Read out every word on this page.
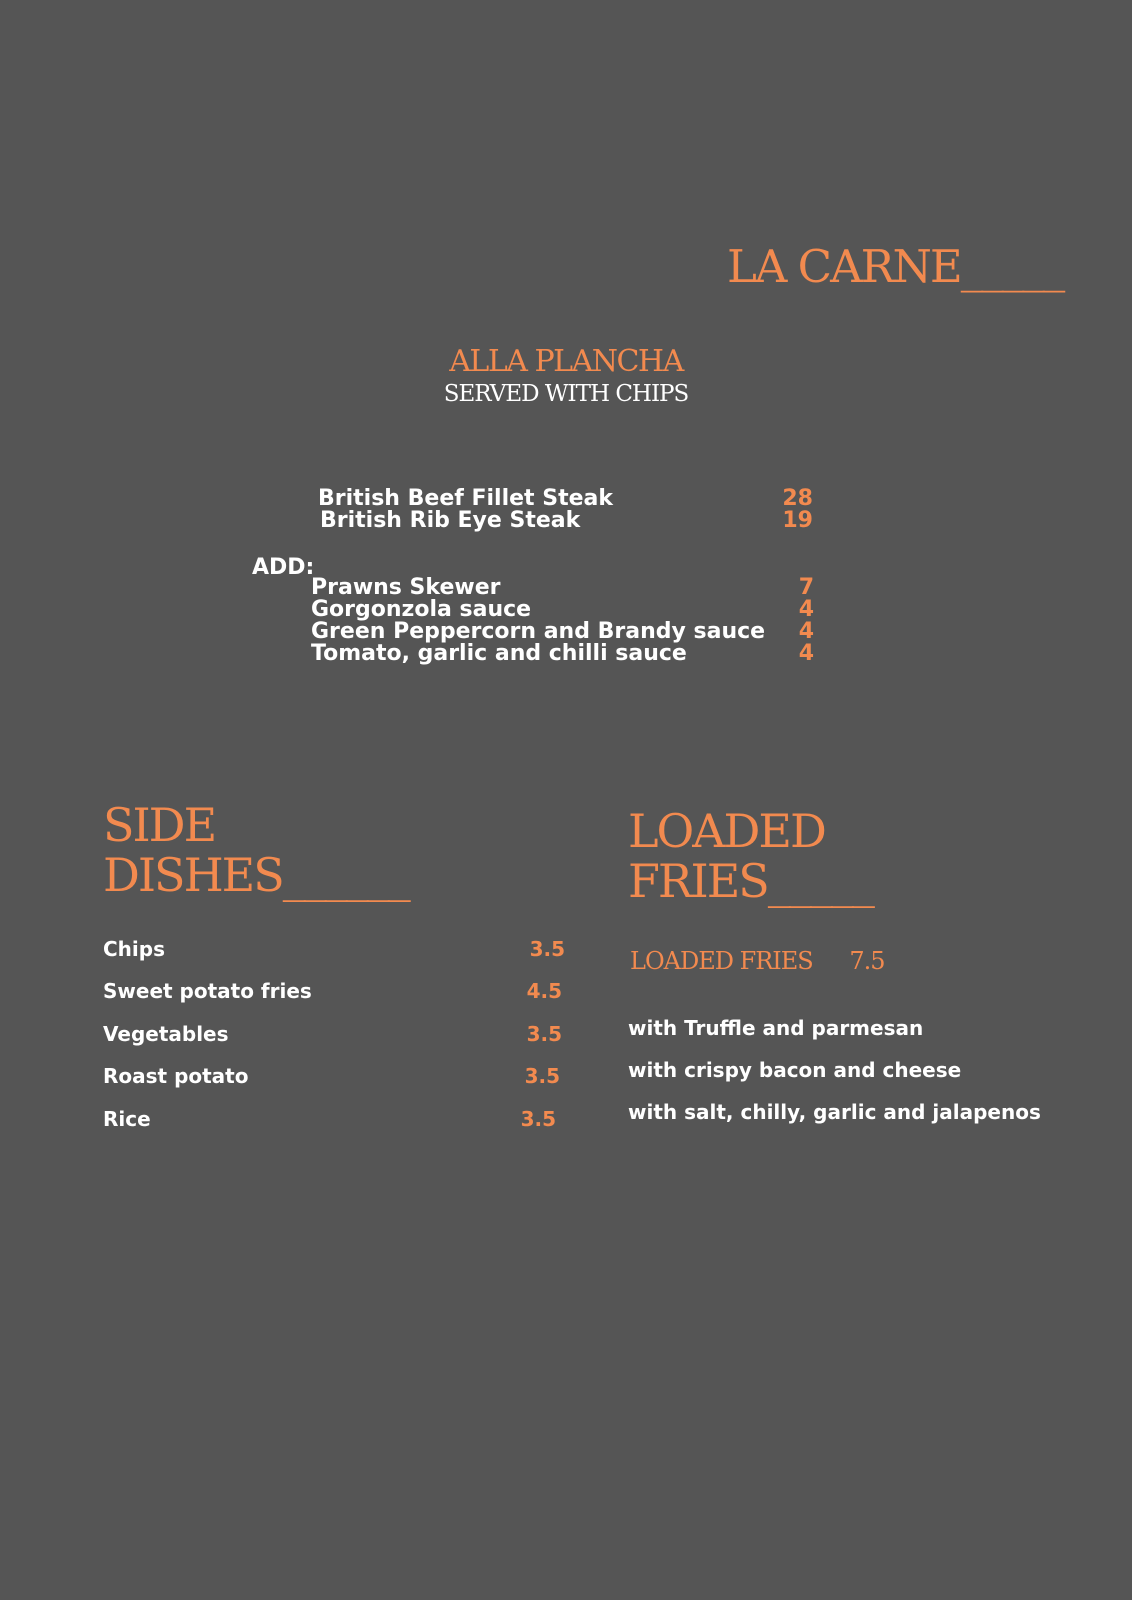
LA CARNE_____
ALLA PLANCHA
SERVED WITH CHIPS
British Beef Fillet Steak	28
British Rib Eye Steak	19
ADD:
Prawns Skewer	7
Gorgonzola sauce	4
Green Peppercorn and Brandy sauce	4
Tomato, garlic and chilli sauce	4
SIDE
DISHES______
Chips	3.5
Sweet potato fries	4.5
Vegetables	3.5
Roast potato	3.5
Rice	3.5
LOADED
FRIES_____
LOADED FRIES 7.5
with Truffle and parmesan
with crispy bacon and cheese
with salt, chilly, garlic and jalapenos
